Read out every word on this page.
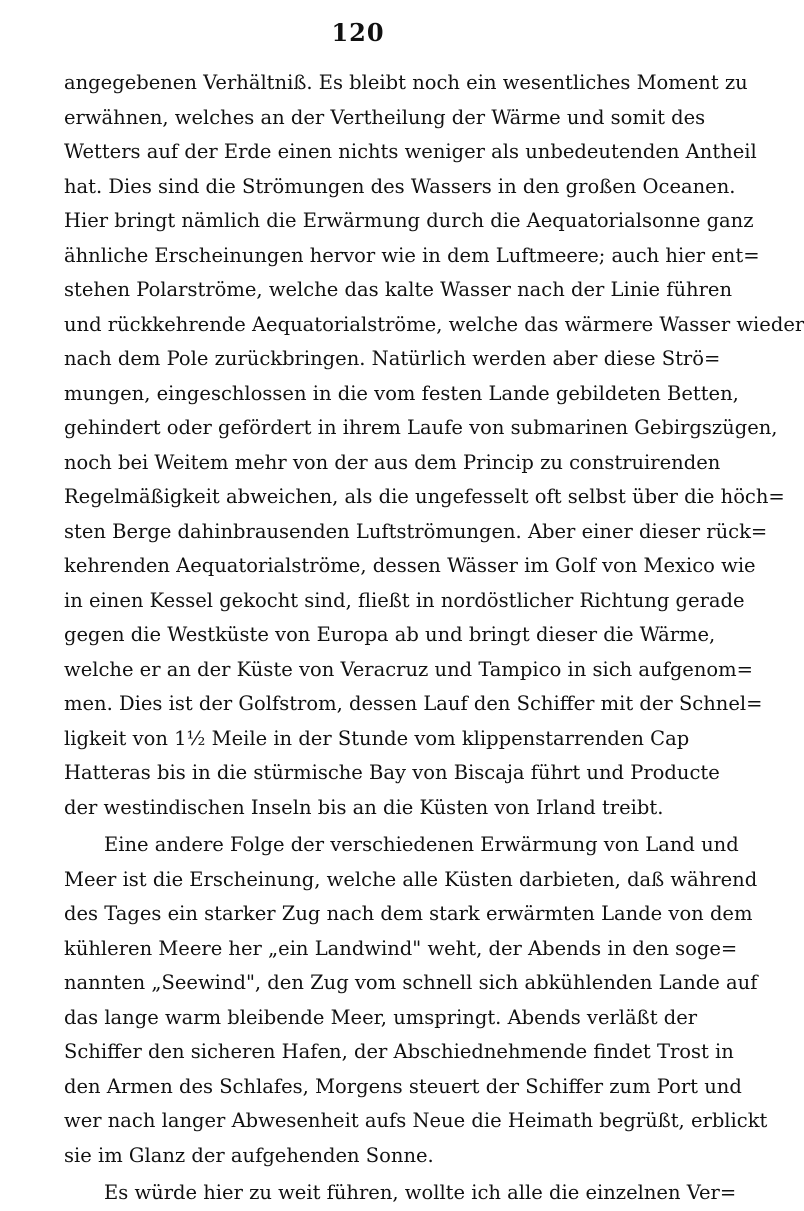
120

angegebenen Verhältniß. Es bleibt noch ein wesentliches Moment zu
erwähnen, welches an der Vertheilung der Wärme und somit des
Wetters auf der Erde einen nichts weniger als unbedeutenden Antheil
hat. Dies sind die Strömungen des Wassers in den großen Oceanen.
Hier bringt nämlich die Erwärmung durch die Aequatorialsonne ganz
ähnliche Erscheinungen hervor wie in dem Luftmeere; auch hier ent=
stehen Polarströme, welche das kalte Wasser nach der Linie führen
und rückkehrende Aequatorialströme, welche das wärmere Wasser wieder
nach dem Pole zurückbringen. Natürlich werden aber diese Strö=
mungen, eingeschlossen in die vom festen Lande gebildeten Betten,
gehindert oder gefördert in ihrem Laufe von submarinen Gebirgszügen,
noch bei Weitem mehr von der aus dem Princip zu construirenden
Regelmäßigkeit abweichen, als die ungefesselt oft selbst über die höch=
sten Berge dahinbrausenden Luftströmungen. Aber einer dieser rück=
kehrenden Aequatorialströme, dessen Wässer im Golf von Mexico wie
in einen Kessel gekocht sind, fließt in nordöstlicher Richtung gerade
gegen die Westküste von Europa ab und bringt dieser die Wärme,
welche er an der Küste von Veracruz und Tampico in sich aufgenom=
men. Dies ist der Golfstrom, dessen Lauf den Schiffer mit der Schnel=
ligkeit von 1½ Meile in der Stunde vom klippenstarrenden Cap
Hatteras bis in die stürmische Bay von Biscaja führt und Producte
der westindischen Inseln bis an die Küsten von Irland treibt.

Eine andere Folge der verschiedenen Erwärmung von Land und
Meer ist die Erscheinung, welche alle Küsten darbieten, daß während
des Tages ein starker Zug nach dem stark erwärmten Lande von dem
kühleren Meere her „ein Landwind" weht, der Abends in den soge=
nannten „Seewind", den Zug vom schnell sich abkühlenden Lande auf
das lange warm bleibende Meer, umspringt. Abends verläßt der
Schiffer den sicheren Hafen, der Abschiednehmende findet Trost in
den Armen des Schlafes, Morgens steuert der Schiffer zum Port und
wer nach langer Abwesenheit aufs Neue die Heimath begrüßt, erblickt
sie im Glanz der aufgehenden Sonne.

Es würde hier zu weit führen, wollte ich alle die einzelnen Ver=
